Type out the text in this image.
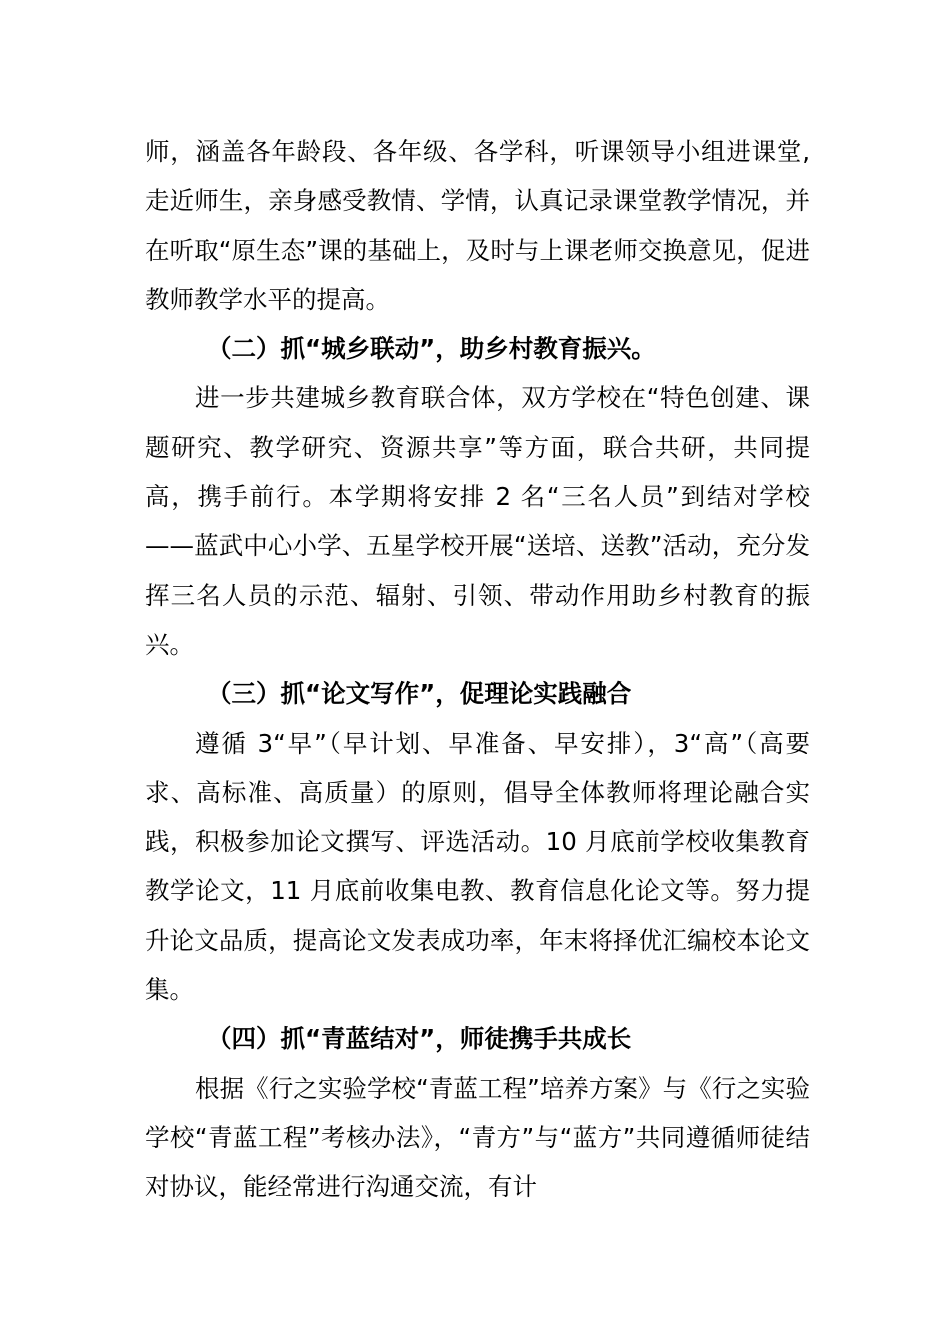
师，涵盖各年龄段、各年级、各学科，听课领导小组进课堂,走近师生，亲身感受教情、学情，认真记录课堂教学情况，并在听取“原生态”课的基础上，及时与上课老师交换意见，促进教师教学水平的提高。

（二）抓“城乡联动”，助乡村教育振兴。

进一步共建城乡教育联合体，双方学校在“特色创建、课题研究、教学研究、资源共享”等方面，联合共研，共同提高，携手前行。本学期将安排 2 名“三名人员”到结对学校——蓝武中心小学、五星学校开展“送培、送教”活动，充分发挥三名人员的示范、辐射、引领、带动作用助乡村教育的振兴。

（三）抓“论文写作”，促理论实践融合

遵循 3“早”（早计划、早准备、早安排），3“高”（高要求、高标准、高质量）的原则，倡导全体教师将理论融合实践，积极参加论文撰写、评选活动。10 月底前学校收集教育教学论文，11 月底前收集电教、教育信息化论文等。努力提升论文品质，提高论文发表成功率，年末将择优汇编校本论文集。

（四）抓“青蓝结对”，师徒携手共成长

根据《行之实验学校“青蓝工程”培养方案》与《行之实验学校“青蓝工程”考核办法》，“青方”与“蓝方”共同遵循师徒结对协议，能经常进行沟通交流，有计
